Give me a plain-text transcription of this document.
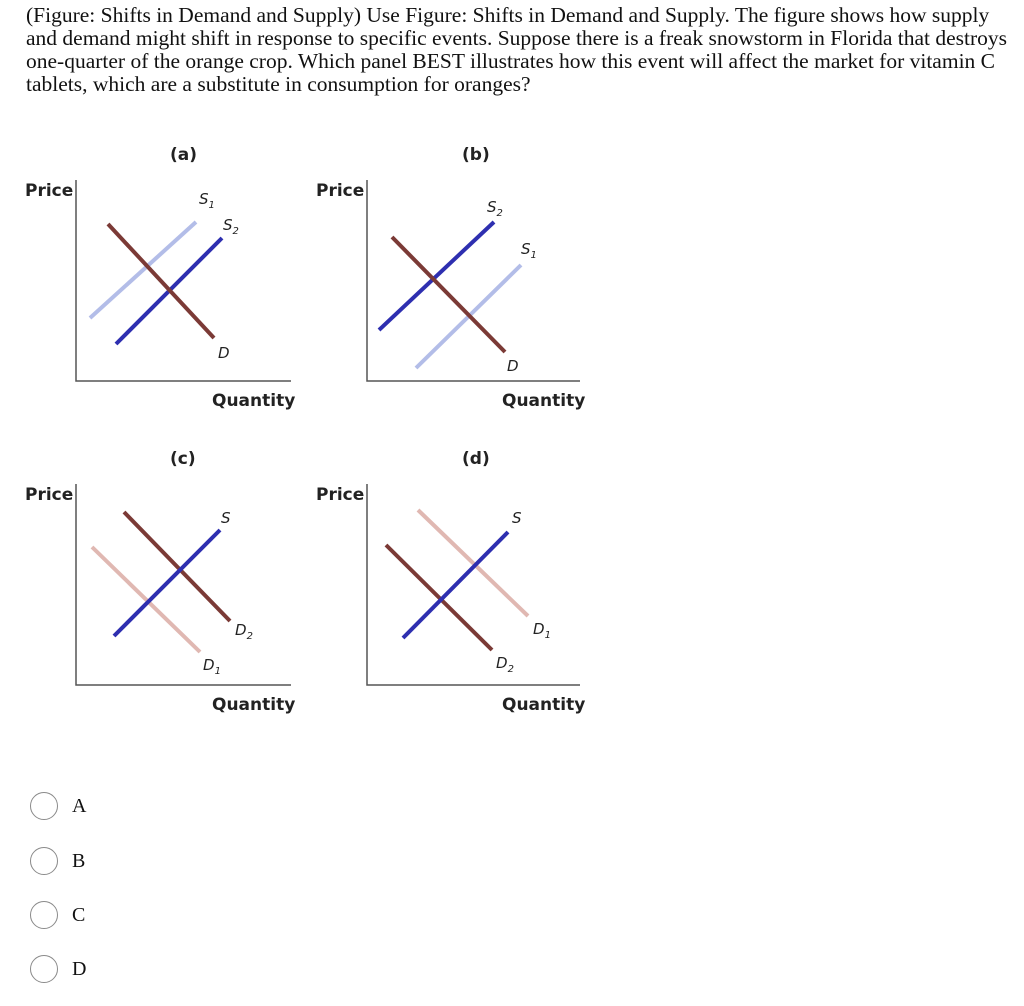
(Figure: Shifts in Demand and Supply) Use Figure: Shifts in Demand and Supply. The figure shows how supply and demand might shift in response to specific events. Suppose there is a freak snowstorm in Florida that destroys one-quarter of the orange crop. Which panel BEST illustrates how this event will affect the market for vitamin C tablets, which are a substitute in consumption for oranges?
(a)
Price	$S_1$
$S_2$
D
Quantity
(b)
Price
$S_2$
$S_1$
D
Quantity
(c)
Price
S
$D_2$
$D_1$
Quantity
(d)
Price
S
$D_1$
$D_2$
Quantity
A
B
C
D
